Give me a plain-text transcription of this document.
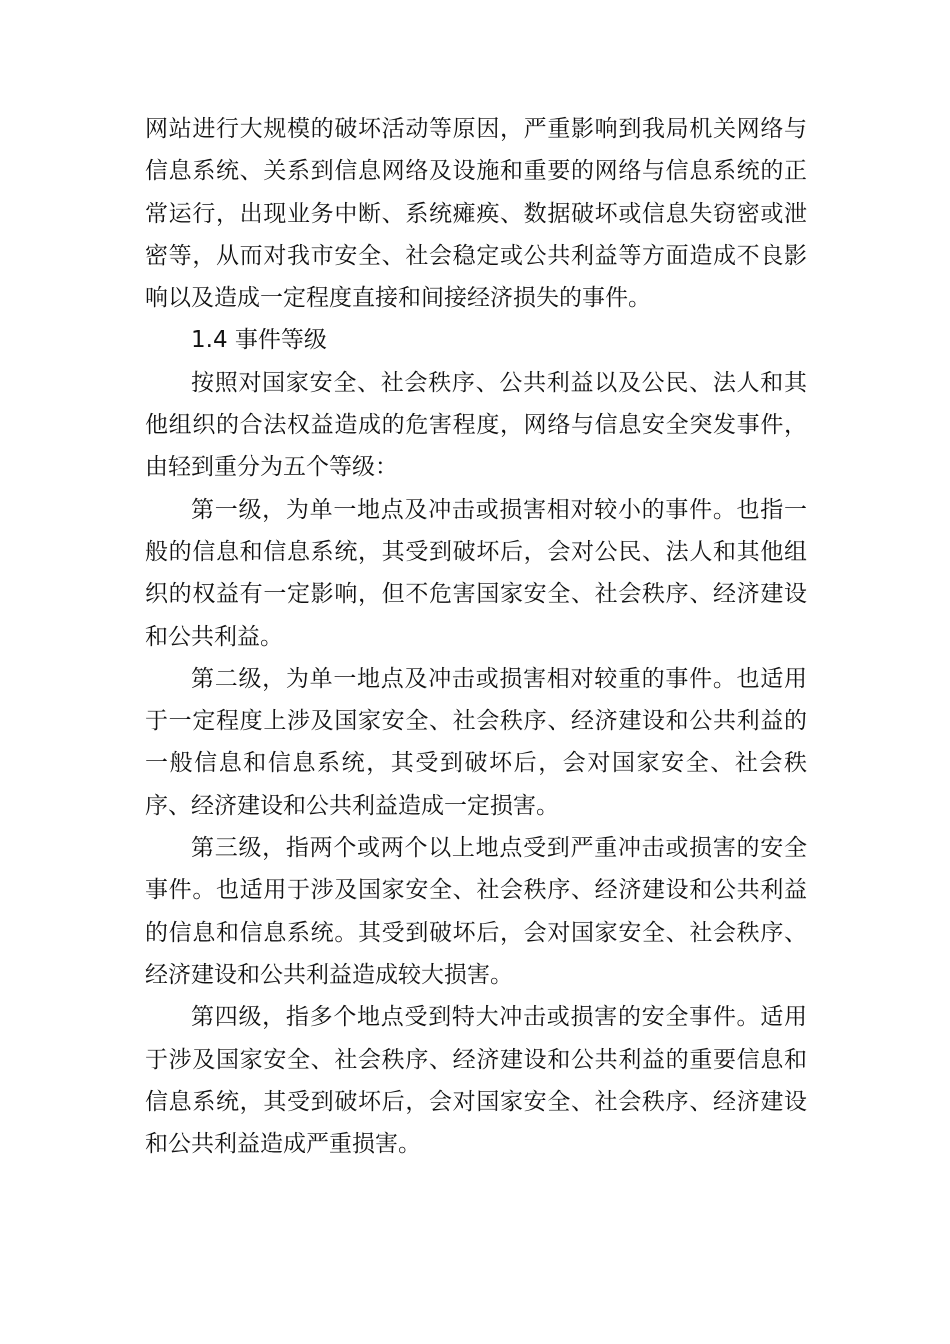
网站进行大规模的破坏活动等原因，严重影响到我局机关网络与信息系统、关系到信息网络及设施和重要的网络与信息系统的正常运行，出现业务中断、系统瘫痪、数据破坏或信息失窃密或泄密等，从而对我市安全、社会稳定或公共利益等方面造成不良影响以及造成一定程度直接和间接经济损失的事件。

1.4 事件等级

按照对国家安全、社会秩序、公共利益以及公民、法人和其他组织的合法权益造成的危害程度，网络与信息安全突发事件，由轻到重分为五个等级：

第一级，为单一地点及冲击或损害相对较小的事件。也指一般的信息和信息系统，其受到破坏后，会对公民、法人和其他组织的权益有一定影响，但不危害国家安全、社会秩序、经济建设和公共利益。

第二级，为单一地点及冲击或损害相对较重的事件。也适用于一定程度上涉及国家安全、社会秩序、经济建设和公共利益的一般信息和信息系统，其受到破坏后，会对国家安全、社会秩序、经济建设和公共利益造成一定损害。

第三级，指两个或两个以上地点受到严重冲击或损害的安全事件。也适用于涉及国家安全、社会秩序、经济建设和公共利益的信息和信息系统。其受到破坏后，会对国家安全、社会秩序、经济建设和公共利益造成较大损害。

第四级，指多个地点受到特大冲击或损害的安全事件。适用于涉及国家安全、社会秩序、经济建设和公共利益的重要信息和信息系统，其受到破坏后，会对国家安全、社会秩序、经济建设和公共利益造成严重损害。
